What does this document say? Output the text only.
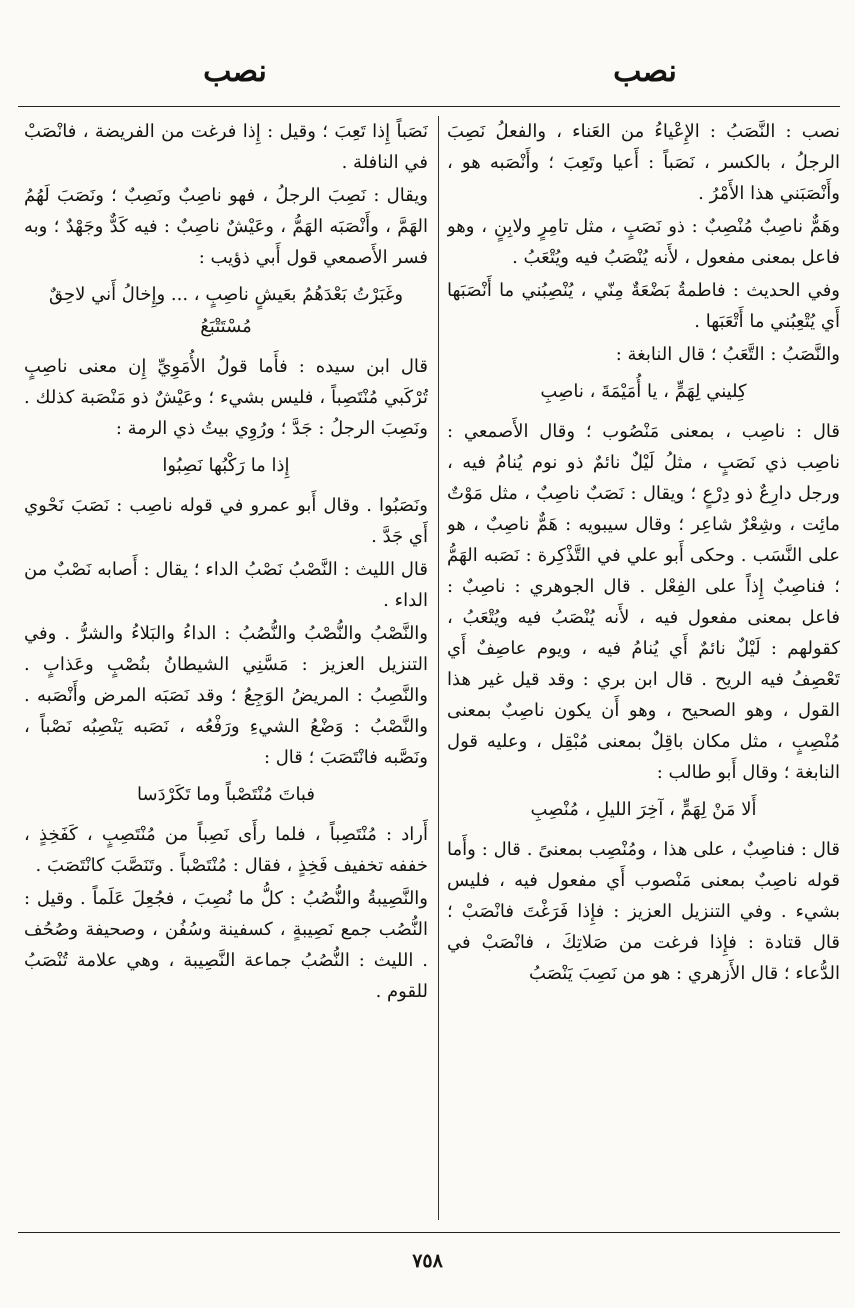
نصب
نصب

نصب : النَّصَبُ : الإِعْياءُ من العَناء ، والفعلُ نَصِبَ الرجلُ ، بالكسر ، نَصَباً : أَعيا وتَعِبَ ؛ وأَنْصَبه هو ، وأَنْصَبَني هذا الأَمْرُ .

وهَمٌّ ناصِبٌ مُنْصِبٌ : ذو نَصَبٍ ، مثل تامِرٍ ولابِنٍ ، وهو فاعل بمعنى مفعول ، لأَنه يُنْصَبُ فيه ويُتْعَبُ .

وفي الحديث : فاطمةُ بَضْعَةٌ مِنّي ، يُنْصِبُني ما أَنْصَبَها أَي يُتْعِبُني ما أَتْعَبَها .

والنَّصَبُ : التَّعَبُ ؛ قال النابغة :

كِليني لِهَمٍّ ، يا أُمَيْمَةَ ، ناصِبِ

قال : ناصِب ، بمعنى مَنْصُوب ؛ وقال الأَصمعي : ناصِب ذي نَصَبٍ ، مثلُ لَيْلٌ نائمٌ ذو نوم يُنامُ فيه ، ورجل دارِعٌ ذو دِرْعٍ ؛ ويقال : نَصَبٌ ناصِبٌ ، مثل مَوْتٌ مائِت ، وشِعْرٌ شاعِر ؛ وقال سيبويه : هَمٌّ ناصِبٌ ، هو على النَّسَب . وحكى أَبو علي في التَّذْكِرة : نَصَبه الهَمُّ ؛ فناصِبٌ إِذاً على الفِعْل . قال الجوهري : ناصِبٌ : فاعل بمعنى مفعول فيه ، لأَنه يُنْصَبُ فيه ويُتْعَبُ ، كقولهم : لَيْلٌ نائمٌ أَي يُنامُ فيه ، ويوم عاصِفٌ أَي تَعْصِفُ فيه الريح . قال ابن بري : وقد قيل غير هذا القول ، وهو الصحيح ، وهو أَن يكون ناصِبٌ بمعنى مُنْصِبٍ ، مثل مكان باقِلٌ بمعنى مُبْقِل ، وعليه قول النابغة ؛ وقال أَبو طالب :

أَلا مَنْ لِهَمٍّ ، آخِرَ الليلِ ، مُنْصِبِ

قال : فناصِبٌ ، على هذا ، ومُنْصِب بمعنىً . قال : وأَما قوله ناصِبٌ بمعنى مَنْصوب أَي مفعول فيه ، فليس بشيء . وفي التنزيل العزيز : فإِذا فَرَغْتَ فانْصَبْ ؛ قال قتادة : فإِذا فرغت من صَلاتِكَ ، فانْصَبْ في الدُّعاء ؛ قال الأَزهري : هو من نَصِبَ يَنْصَبُ

نَصَباً إِذا تَعِبَ ؛ وقيل : إِذا فرغت من الفريضة ، فانْصَبْ في النافلة .

ويقال : نَصِبَ الرجلُ ، فهو ناصِبٌ ونَصِبٌ ؛ ونَصَبَ لَهُمُ الهَمَّ ، وأَنْصَبَه الهَمُّ ، وعَيْشٌ ناصِبٌ : فيه كَدٌّ وجَهْدٌ ؛ وبه فسر الأَصمعي قول أَبي ذؤيب :

وغَبَرْتُ بَعْدَهُمُ بعَيشٍ ناصِبٍ ، ... وإِخالُ أَني لاحِقٌ مُسْتَتْبَعُ

قال ابن سيده : فأَما قولُ الأُمَوِيِّ إِن معنى ناصِبٍ تُرْكَبي مُنْتَصِباً ، فليس بشيء ؛ وعَيْشٌ ذو مَنْصَبة كذلك . ونَصِبَ الرجلُ : جَدَّ ؛ ورُوِي بيتُ ذي الرمة :

إِذا ما رَكْبُها نَصِبُوا

ونَصَبُوا . وقال أَبو عمرو في قوله ناصِب : نَصَبَ نَحْوي أَي جَدَّ .

قال الليث : النَّصْبُ نَصْبُ الداء ؛ يقال : أَصابه نَصْبٌ من الداء .

والنَّصْبُ والنُّصْبُ والنُّصُبُ : الداءُ والبَلاءُ والشرُّ . وفي التنزيل العزيز : مَسَّنِي الشيطانُ بنُصْبٍ وعَذابٍ . والنَّصِبُ : المريضُ الوَجِعُ ؛ وقد نَصَبَه المرض وأَنْصَبه . والنَّصْبُ : وَضْعُ الشيءِ ورَفْعُه ، نَصَبه يَنْصِبُه نَصْباً ، ونَصَّبه فانْتَصَبَ ؛ قال :

فباتَ مُنْتَصْباً وما تَكَرْدَسا

أَراد : مُنْتَصِباً ، فلما رأَى نَصِباً من مُنْتَصِبٍ ، كَفَخِذٍ ، خففه تخفيف فَخِذٍ ، فقال : مُنْتَصْباً . وتَنَصَّبَ كانْتَصَبَ .

والنَّصِيبةُ والنُّصُبُ : كلُّ ما نُصِبَ ، فجُعِلَ عَلَماً . وقيل : النُّصُب جمع نَصِيبةٍ ، كسفينة وسُفُن ، وصحيفة وصُحُف . الليث : النُّصُبُ جماعة النَّصِيبة ، وهي علامة تُنْصَبُ للقوم .

٧٥٨
